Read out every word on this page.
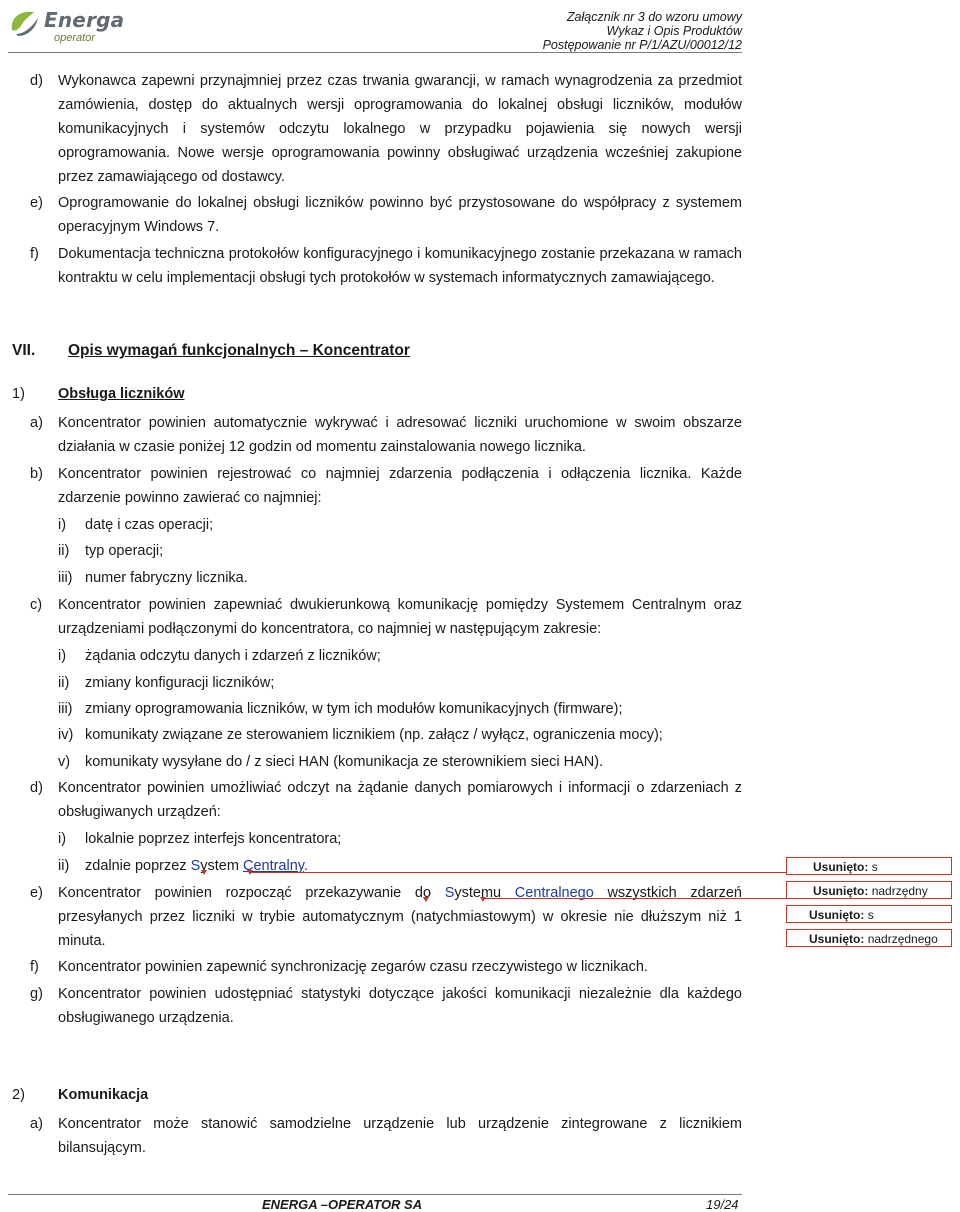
Energa
operator
Załącznik nr 3 do wzoru umowy
Wykaz i Opis Produktów
Postępowanie nr P/1/AZU/00012/12
d) Wykonawca zapewni przynajmniej przez czas trwania gwarancji, w ramach wynagrodzenia za przedmiot zamówienia, dostęp do aktualnych wersji oprogramowania do lokalnej obsługi liczników, modułów komunikacyjnych i systemów odczytu lokalnego w przypadku pojawienia się nowych wersji oprogramowania. Nowe wersje oprogramowania powinny obsługiwać urządzenia wcześniej zakupione przez zamawiającego od dostawcy.
e) Oprogramowanie do lokalnej obsługi liczników powinno być przystosowane do współpracy z systemem operacyjnym Windows 7.
f) Dokumentacja techniczna protokołów konfiguracyjnego i komunikacyjnego zostanie przekazana w ramach kontraktu w celu implementacji obsługi tych protokołów w systemach informatycznych zamawiającego.
VII. Opis wymagań funkcjonalnych – Koncentrator
1) Obsługa liczników
a) Koncentrator powinien automatycznie wykrywać i adresować liczniki uruchomione w swoim obszarze działania w czasie poniżej 12 godzin od momentu zainstalowania nowego licznika.
b) Koncentrator powinien rejestrować co najmniej zdarzenia podłączenia i odłączenia licznika. Każde zdarzenie powinno zawierać co najmniej:
i) datę i czas operacji;
ii) typ operacji;
iii) numer fabryczny licznika.
c) Koncentrator powinien zapewniać dwukierunkową komunikację pomiędzy Systemem Centralnym oraz urządzeniami podłączonymi do koncentratora, co najmniej w następującym zakresie:
i) żądania odczytu danych i zdarzeń z liczników;
ii) zmiany konfiguracji liczników;
iii) zmiany oprogramowania liczników, w tym ich modułów komunikacyjnych (firmware);
iv) komunikaty związane ze sterowaniem licznikiem (np. załącz / wyłącz, ograniczenia mocy);
v) komunikaty wysyłane do / z sieci HAN (komunikacja ze sterownikiem sieci HAN).
d) Koncentrator powinien umożliwiać odczyt na żądanie danych pomiarowych i informacji o zdarzeniach z obsługiwanych urządzeń:
i) lokalnie poprzez interfejs koncentratora;
ii) zdalnie poprzez System Centralny.
e) Koncentrator powinien rozpocząć przekazywanie do Systemu Centralnego wszystkich zdarzeń przesyłanych przez liczniki w trybie automatycznym (natychmiastowym) w okresie nie dłuższym niż 1 minuta.
f) Koncentrator powinien zapewnić synchronizację zegarów czasu rzeczywistego w licznikach.
g) Koncentrator powinien udostępniać statystyki dotyczące jakości komunikacji niezależnie dla każdego obsługiwanego urządzenia.
2) Komunikacja
a) Koncentrator może stanowić samodzielne urządzenie lub urządzenie zintegrowane z licznikiem bilansującym.
Usunięto: s
Usunięto: nadrzędny
Usunięto: s
Usunięto: nadrzędnego
ENERGA –OPERATOR SA	19/24
